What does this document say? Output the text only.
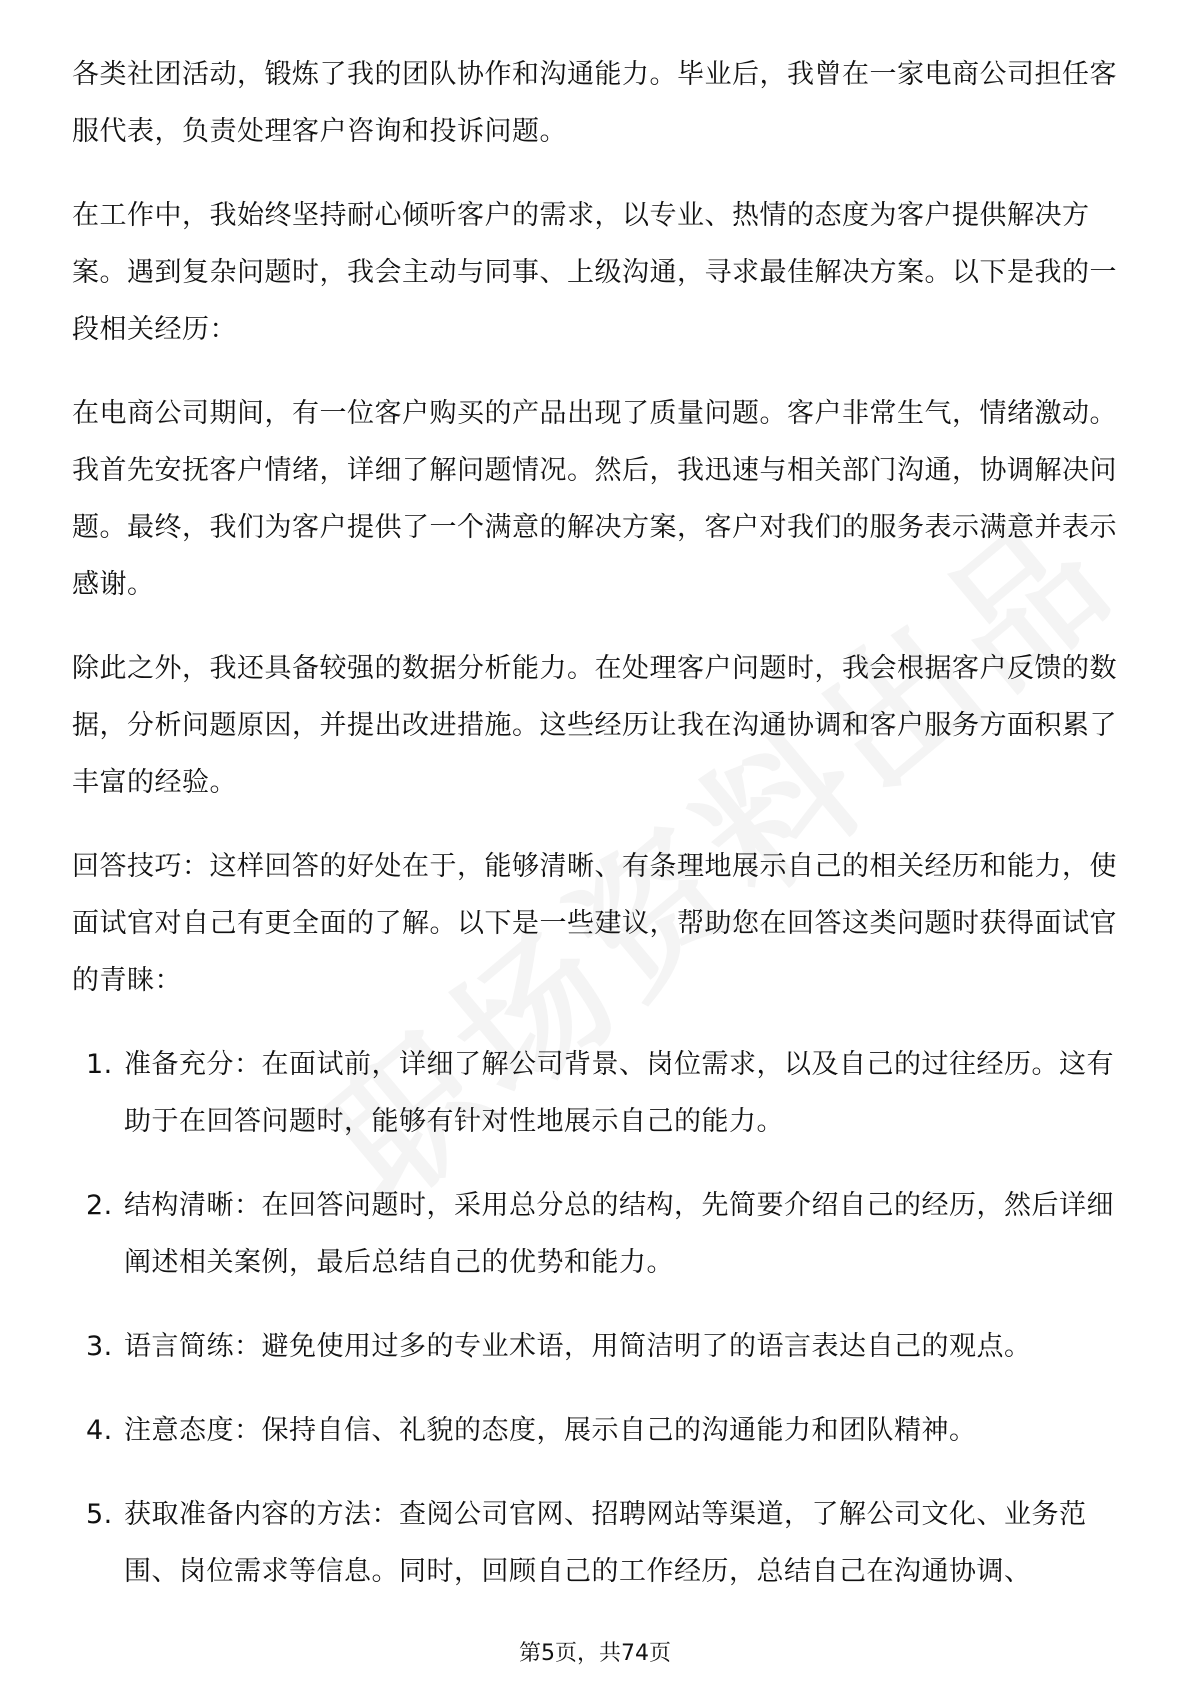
各类社团活动，锻炼了我的团队协作和沟通能力。毕业后，我曾在一家电商公司担任客服代表，负责处理客户咨询和投诉问题。

在工作中，我始终坚持耐心倾听客户的需求，以专业、热情的态度为客户提供解决方案。遇到复杂问题时，我会主动与同事、上级沟通，寻求最佳解决方案。以下是我的一段相关经历：

在电商公司期间，有一位客户购买的产品出现了质量问题。客户非常生气，情绪激动。我首先安抚客户情绪，详细了解问题情况。然后，我迅速与相关部门沟通，协调解决问题。最终，我们为客户提供了一个满意的解决方案，客户对我们的服务表示满意并表示感谢。

除此之外，我还具备较强的数据分析能力。在处理客户问题时，我会根据客户反馈的数据，分析问题原因，并提出改进措施。这些经历让我在沟通协调和客户服务方面积累了丰富的经验。

回答技巧：这样回答的好处在于，能够清晰、有条理地展示自己的相关经历和能力，使面试官对自己有更全面的了解。以下是一些建议，帮助您在回答这类问题时获得面试官的青睐：

1. 准备充分：在面试前，详细了解公司背景、岗位需求，以及自己的过往经历。这有助于在回答问题时，能够有针对性地展示自己的能力。
2. 结构清晰：在回答问题时，采用总分总的结构，先简要介绍自己的经历，然后详细阐述相关案例，最后总结自己的优势和能力。
3. 语言简练：避免使用过多的专业术语，用简洁明了的语言表达自己的观点。
4. 注意态度：保持自信、礼貌的态度，展示自己的沟通能力和团队精神。
5. 获取准备内容的方法：查阅公司官网、招聘网站等渠道，了解公司文化、业务范围、岗位需求等信息。同时，回顾自己的工作经历，总结自己在沟通协调、
第5页，共74页
